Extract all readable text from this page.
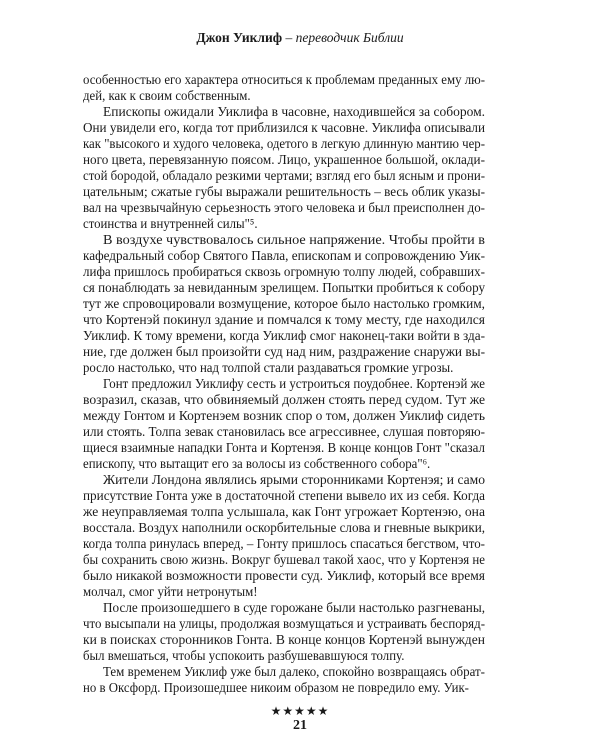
Джон Уиклиф – переводчик Библии
особенностью его характера относиться к проблемам преданных ему лю-
дей, как к своим собственным.
Епископы ожидали Уиклифа в часовне, находившейся за собором.
Они увидели его, когда тот приблизился к часовне. Уиклифа описывали
как "высокого и худого человека, одетого в легкую длинную мантию чер-
ного цвета, перевязанную поясом. Лицо, украшенное большой, оклади-
стой бородой, обладало резкими чертами; взгляд его был ясным и прони-
цательным; сжатые губы выражали решительность – весь облик указы-
вал на чрезвычайную серьезность этого человека и был преисполнен до-
стоинства и внутренней силы"⁵.
В воздухе чувствовалось сильное напряжение. Чтобы пройти в
кафедральный собор Святого Павла, епископам и сопровождению Уик-
лифа пришлось пробираться сквозь огромную толпу людей, собравших-
ся понаблюдать за невиданным зрелищем. Попытки пробиться к собору
тут же спровоцировали возмущение, которое было настолько громким,
что Кортенэй покинул здание и помчался к тому месту, где находился
Уиклиф. К тому времени, когда Уиклиф смог наконец-таки войти в зда-
ние, где должен был произойти суд над ним, раздражение снаружи вы-
росло настолько, что над толпой стали раздаваться громкие угрозы.
Гонт предложил Уиклифу сесть и устроиться поудобнее. Кортенэй же
возразил, сказав, что обвиняемый должен стоять перед судом. Тут же
между Гонтом и Кортенэем возник спор о том, должен Уиклиф сидеть
или стоять. Толпа зевак становилась все агрессивнее, слушая повторяю-
щиеся взаимные нападки Гонта и Кортенэя. В конце концов Гонт "сказал
епископу, что вытащит его за волосы из собственного собора"⁶.
Жители Лондона являлись ярыми сторонниками Кортенэя; и само
присутствие Гонта уже в достаточной степени вывело их из себя. Когда
же неуправляемая толпа услышала, как Гонт угрожает Кортенэю, она
восстала. Воздух наполнили оскорбительные слова и гневные выкрики,
когда толпа ринулась вперед, – Гонту пришлось спасаться бегством, что-
бы сохранить свою жизнь. Вокруг бушевал такой хаос, что у Кортенэя не
было никакой возможности провести суд. Уиклиф, который все время
молчал, смог уйти нетронутым!
После произошедшего в суде горожане были настолько разгневаны,
что высыпали на улицы, продолжая возмущаться и устраивать беспоряд-
ки в поисках сторонников Гонта. В конце концов Кортенэй вынужден
был вмешаться, чтобы успокоить разбушевавшуюся толпу.
Тем временем Уиклиф уже был далеко, спокойно возвращаясь обрат-
но в Оксфорд. Произошедшее никоим образом не повредило ему. Уик-
★★★★★
21
